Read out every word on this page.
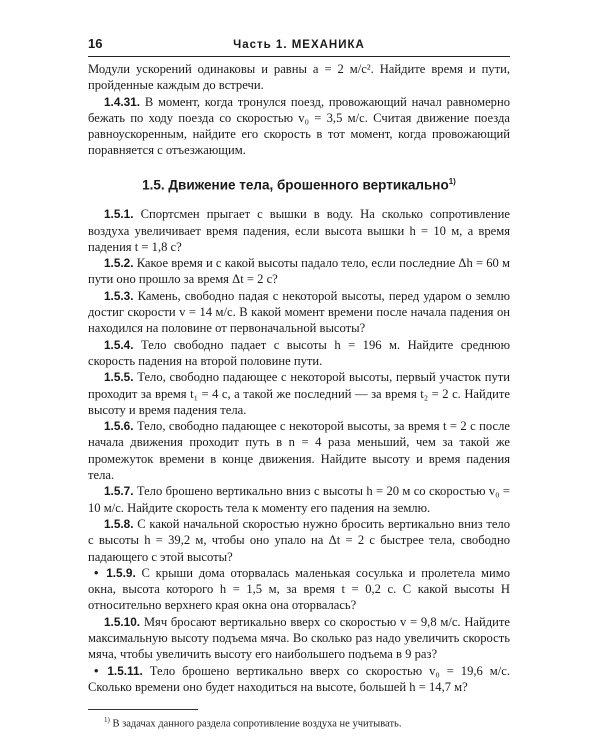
16	Часть 1. МЕХАНИКА

Модули ускорений одинаковы и равны a = 2 м/с². Найдите время и пути, пройденные каждым до встречи.

1.4.31. В момент, когда тронулся поезд, провожающий начал равномерно бежать по ходу поезда со скоростью v₀ = 3,5 м/с. Считая движение поезда равноускоренным, найдите его скорость в тот момент, когда провожающий поравняется с отъезжающим.

1.5. Движение тела, брошенного вертикально$^{1)}$

1.5.1. Спортсмен прыгает с вышки в воду. На сколько сопротивление воздуха увеличивает время падения, если высота вышки h = 10 м, а время падения t = 1,8 с?

1.5.2. Какое время и с какой высоты падало тело, если последние Δh = 60 м пути оно прошло за время Δt = 2 с?

1.5.3. Камень, свободно падая с некоторой высоты, перед ударом о землю достиг скорости v = 14 м/с. В какой момент времени после начала падения он находился на половине от первоначальной высоты?

1.5.4. Тело свободно падает с высоты h = 196 м. Найдите среднюю скорость падения на второй половине пути.

1.5.5. Тело, свободно падающее с некоторой высоты, первый участок пути проходит за время t₁ = 4 с, а такой же последний — за время t₂ = 2 с. Найдите высоту и время падения тела.

1.5.6. Тело, свободно падающее с некоторой высоты, за время t = 2 с после начала движения проходит путь в n = 4 раза меньший, чем за такой же промежуток времени в конце движения. Найдите высоту и время падения тела.

1.5.7. Тело брошено вертикально вниз с высоты h = 20 м со скоростью v₀ = 10 м/с. Найдите скорость тела к моменту его падения на землю.

1.5.8. С какой начальной скоростью нужно бросить вертикально вниз тело с высоты h = 39,2 м, чтобы оно упало на Δt = 2 с быстрее тела, свободно падающего с этой высоты?

• 1.5.9. С крыши дома оторвалась маленькая сосулька и пролетела мимо окна, высота которого h = 1,5 м, за время t = 0,2 с. С какой высоты H относительно верхнего края окна она оторвалась?

1.5.10. Мяч бросают вертикально вверх со скоростью v = 9,8 м/с. Найдите максимальную высоту подъема мяча. Во сколько раз надо увеличить скорость мяча, чтобы увеличить высоту его наибольшего подъема в 9 раз?

• 1.5.11. Тело брошено вертикально вверх со скоростью v₀ = 19,6 м/с. Сколько времени оно будет находиться на высоте, большей h = 14,7 м?

$^{1)}$ В задачах данного раздела сопротивление воздуха не учитывать.
